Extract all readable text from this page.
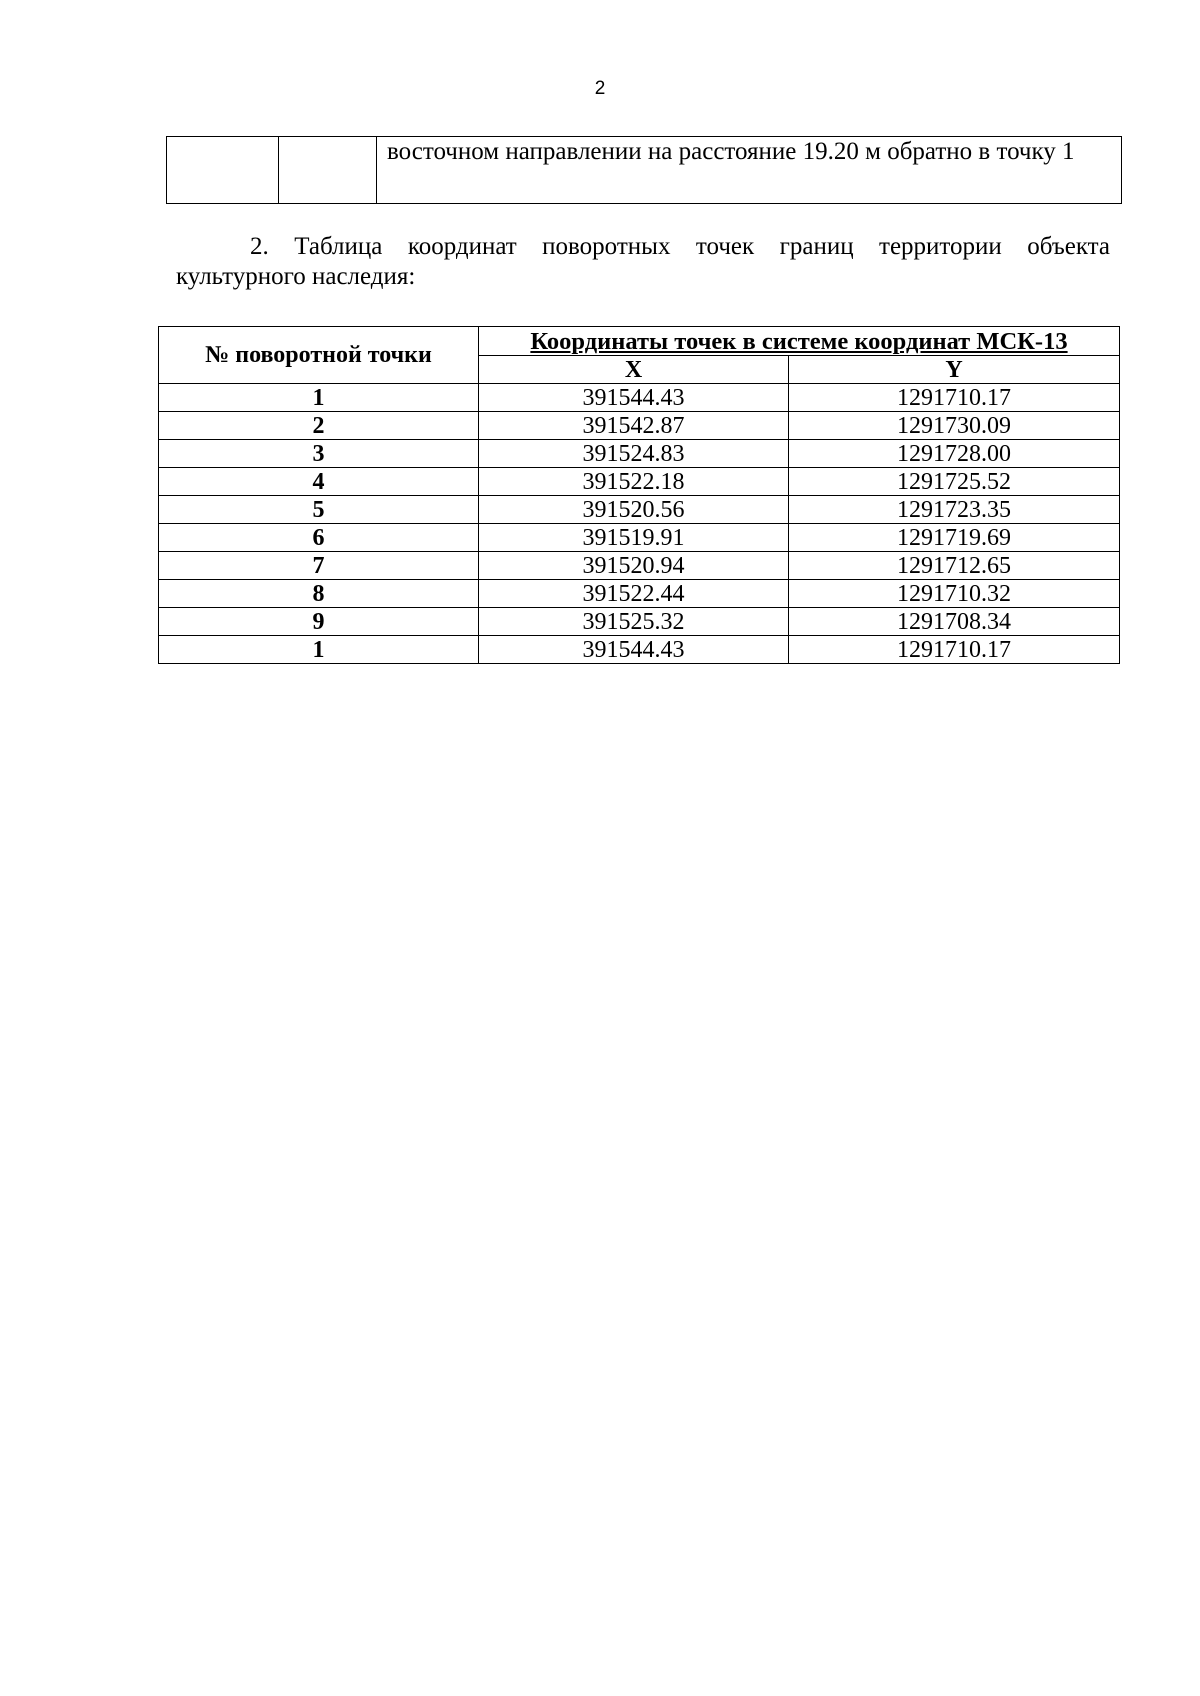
2
		восточном направлении на расстояние 19.20 м обратно в точку 1
2. Таблица координат поворотных точек границ территории объекта культурного наследия:
№ поворотной точки	Координаты точек в системе координат МСК-13	
	X	Y
1	391544.43	1291710.17
2	391542.87	1291730.09
3	391524.83	1291728.00
4	391522.18	1291725.52
5	391520.56	1291723.35
6	391519.91	1291719.69
7	391520.94	1291712.65
8	391522.44	1291710.32
9	391525.32	1291708.34
1	391544.43	1291710.17
